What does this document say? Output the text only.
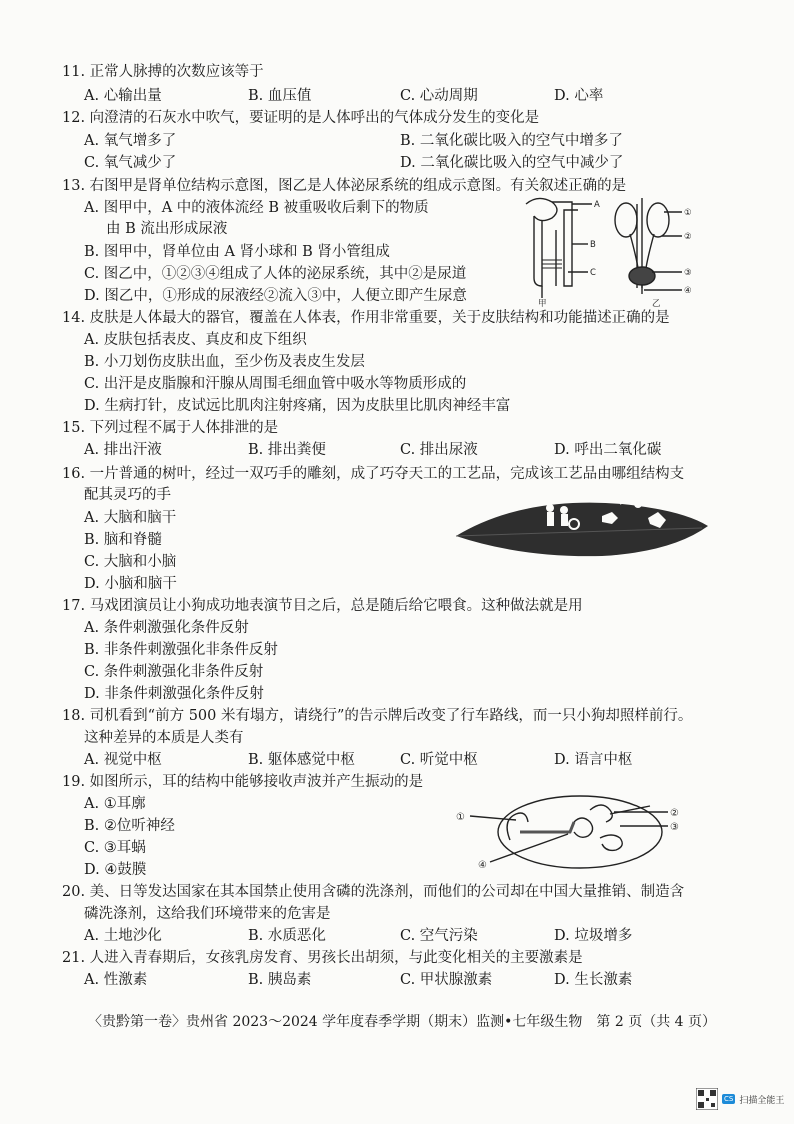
11. 正常人脉搏的次数应该等于
A. 心输出量	B. 血压值	C. 心动周期	D. 心率
12. 向澄清的石灰水中吹气，要证明的是人体呼出的气体成分发生的变化是
A. 氧气增多了	B. 二氧化碳比吸入的空气中增多了
C. 氧气减少了	D. 二氧化碳比吸入的空气中减少了
13. 右图甲是肾单位结构示意图，图乙是人体泌尿系统的组成示意图。有关叙述正确的是
A. 图甲中，A 中的液体流经 B 被重吸收后剩下的物质
由 B 流出形成尿液
B. 图甲中，肾单位由 A 肾小球和 B 肾小管组成
C. 图乙中，①②③④组成了人体的泌尿系统，其中②是尿道
D. 图乙中，①形成的尿液经②流入③中，人便立即产生尿意
A
B
C
①
②
③
④
甲	乙
14. 皮肤是人体最大的器官，覆盖在人体表，作用非常重要，关于皮肤结构和功能描述正确的是
A. 皮肤包括表皮、真皮和皮下组织
B. 小刀划伤皮肤出血，至少伤及表皮生发层
C. 出汗是皮脂腺和汗腺从周围毛细血管中吸水等物质形成的
D. 生病打针，皮试远比肌肉注射疼痛，因为皮肤里比肌肉神经丰富
15. 下列过程不属于人体排泄的是
A. 排出汗液	B. 排出粪便	C. 排出尿液	D. 呼出二氧化碳
16. 一片普通的树叶，经过一双巧手的雕刻，成了巧夺天工的工艺品，完成该工艺品由哪组结构支
配其灵巧的手
A. 大脑和脑干
B. 脑和脊髓
C. 大脑和小脑
D. 小脑和脑干
17. 马戏团演员让小狗成功地表演节目之后，总是随后给它喂食。这种做法就是用
A. 条件刺激强化条件反射
B. 非条件刺激强化非条件反射
C. 条件刺激强化非条件反射
D. 非条件刺激强化条件反射
18. 司机看到“前方 500 米有塌方，请绕行”的告示牌后改变了行车路线，而一只小狗却照样前行。
这种差异的本质是人类有
A. 视觉中枢	B. 躯体感觉中枢	C. 听觉中枢	D. 语言中枢
19. 如图所示，耳的结构中能够接收声波并产生振动的是
A. ①耳廓
B. ②位听神经
C. ③耳蜗
D. ④鼓膜
①	②
③
④
20. 美、日等发达国家在其本国禁止使用含磷的洗涤剂，而他们的公司却在中国大量推销、制造含
磷洗涤剂，这给我们环境带来的危害是
A. 土地沙化	B. 水质恶化	C. 空气污染	D. 垃圾增多
21. 人进入青春期后，女孩乳房发育、男孩长出胡须，与此变化相关的主要激素是
A. 性激素	B. 胰岛素	C. 甲状腺激素	D. 生长激素
〈贵黔第一卷〉贵州省 2023～2024 学年度春季学期（期末）监测•七年级生物　第 2 页（共 4 页）
CS 扫描全能王
